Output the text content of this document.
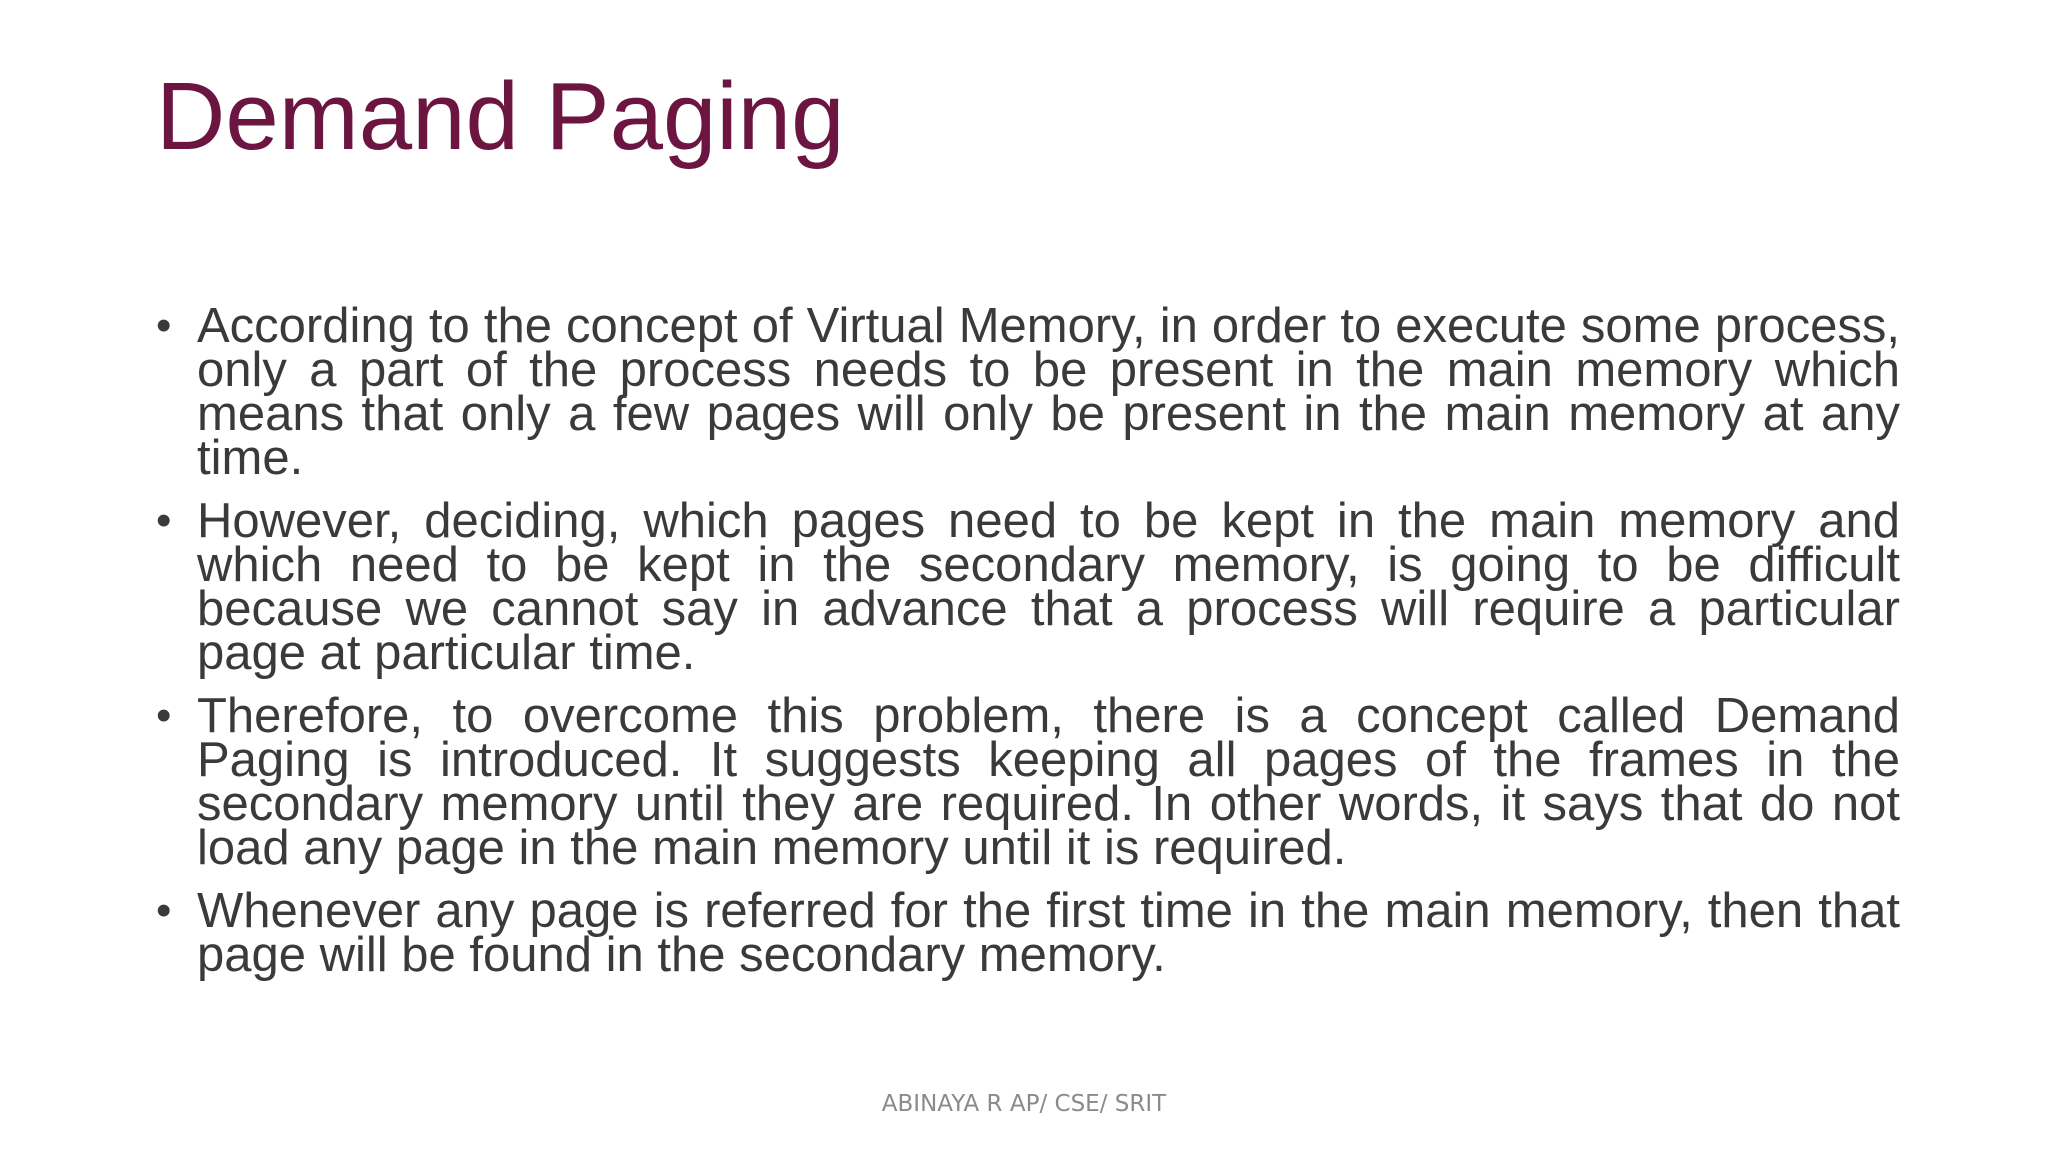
Demand Paging
• According to the concept of Virtual Memory, in order to execute some process, only a part of the process needs to be present in the main memory which means that only a few pages will only be present in the main memory at any time.
• However, deciding, which pages need to be kept in the main memory and which need to be kept in the secondary memory, is going to be difficult because we cannot say in advance that a process will require a particular page at particular time.
• Therefore, to overcome this problem, there is a concept called Demand Paging is introduced. It suggests keeping all pages of the frames in the secondary memory until they are required. In other words, it says that do not load any page in the main memory until it is required.
• Whenever any page is referred for the first time in the main memory, then that page will be found in the secondary memory.
ABINAYA R AP/ CSE/ SRIT
